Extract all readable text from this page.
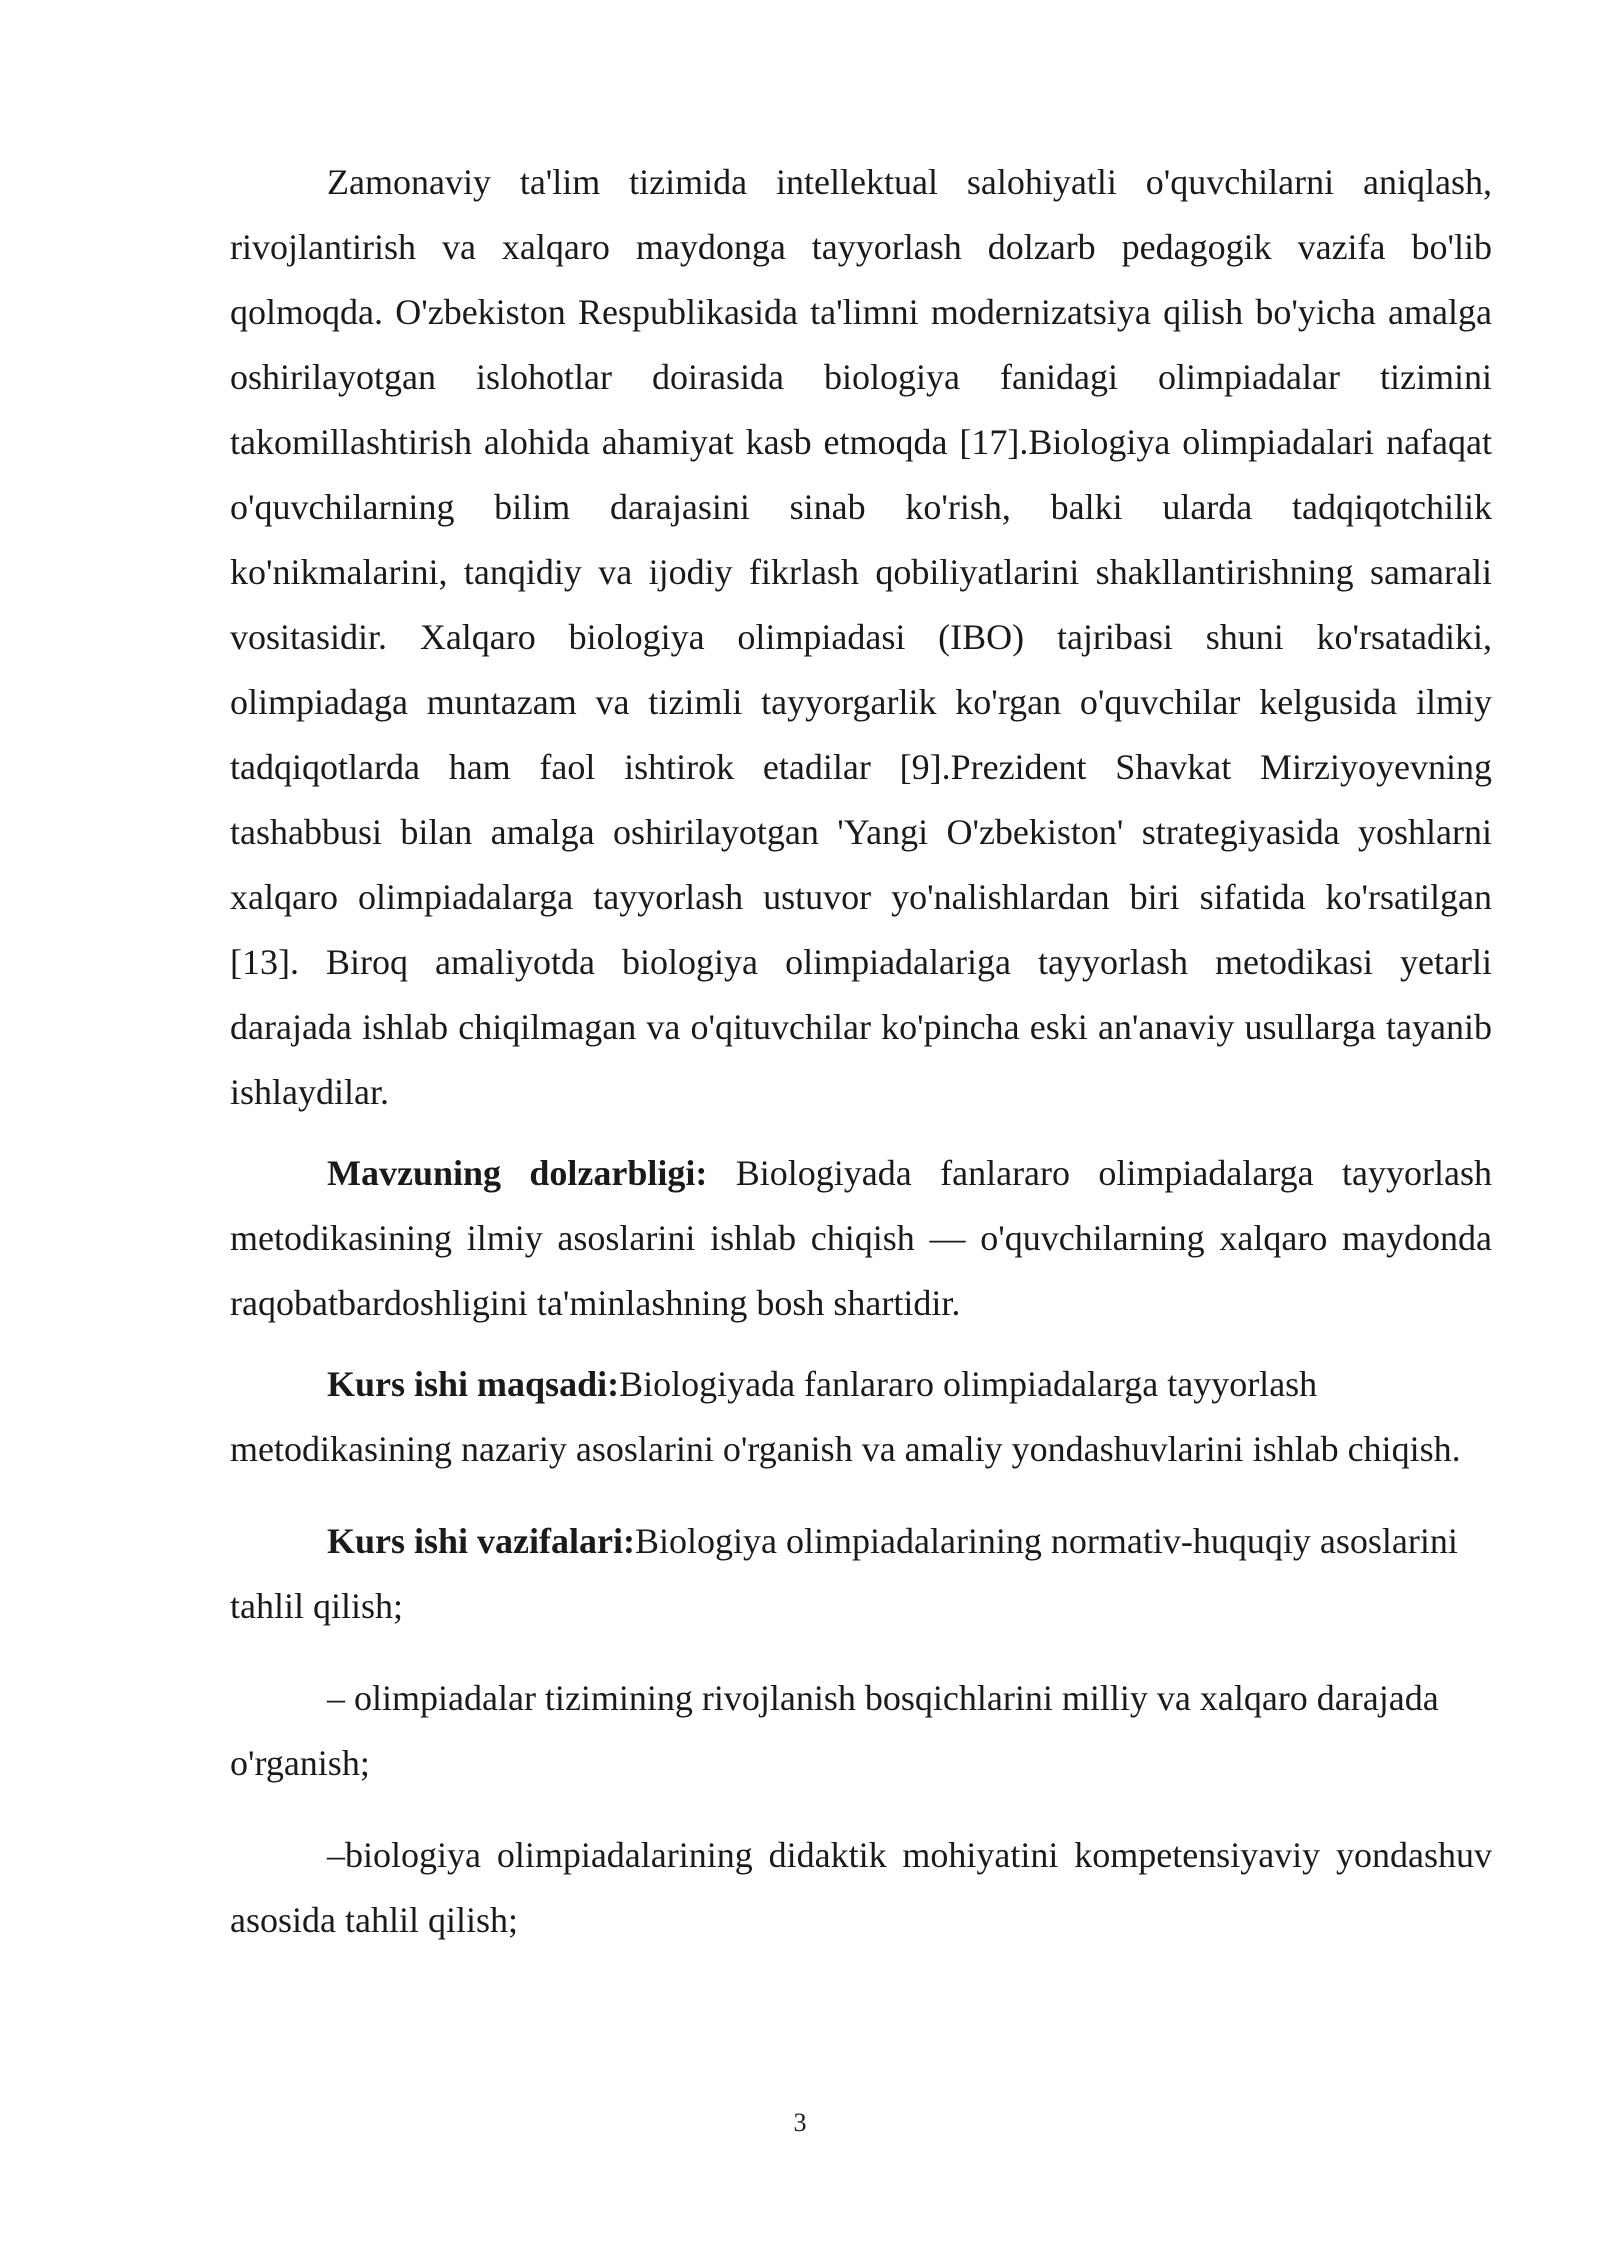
Zamonaviy ta'lim tizimida intellektual salohiyatli o'quvchilarni aniqlash, rivojlantirish va xalqaro maydonga tayyorlash dolzarb pedagogik vazifa bo'lib qolmoqda. O'zbekiston Respublikasida ta'limni modernizatsiya qilish bo'yicha amalga oshirilayotgan islohotlar doirasida biologiya fanidagi olimpiadalar tizimini takomillashtirish alohida ahamiyat kasb etmoqda [17].Biologiya olimpiadalari nafaqat o'quvchilarning bilim darajasini sinab ko'rish, balki ularda tadqiqotchilik ko'nikmalarini, tanqidiy va ijodiy fikrlash qobiliyatlarini shakllantirishning samarali vositasidir. Xalqaro biologiya olimpiadasi (IBO) tajribasi shuni ko'rsatadiki, olimpiadaga muntazam va tizimli tayyorgarlik ko'rgan o'quvchilar kelgusida ilmiy tadqiqotlarda ham faol ishtirok etadilar [9].Prezident Shavkat Mirziyoyevning tashabbusi bilan amalga oshirilayotgan 'Yangi O'zbekiston' strategiyasida yoshlarni xalqaro olimpiadalarga tayyorlash ustuvor yo'nalishlardan biri sifatida ko'rsatilgan [13]. Biroq amaliyotda biologiya olimpiadalariga tayyorlash metodikasi yetarli darajada ishlab chiqilmagan va o'qituvchilar ko'pincha eski an'anaviy usullarga tayanib ishlaydilar.

Mavzuning dolzarbligi: Biologiyada fanlararo olimpiadalarga tayyorlash metodikasining ilmiy asoslarini ishlab chiqish — o'quvchilarning xalqaro maydonda raqobatbardoshligini ta'minlashning bosh shartidir.

Kurs ishi maqsadi:Biologiyada fanlararo olimpiadalarga tayyorlash metodikasining nazariy asoslarini o'rganish va amaliy yondashuvlarini ishlab chiqish.

Kurs ishi vazifalari:Biologiya olimpiadalarining normativ-huquqiy asoslarini tahlil qilish;

– olimpiadalar tizimining rivojlanish bosqichlarini milliy va xalqaro darajada o'rganish;

–biologiya olimpiadalarining didaktik mohiyatini kompetensiyaviy yondashuv asosida tahlil qilish;

3
